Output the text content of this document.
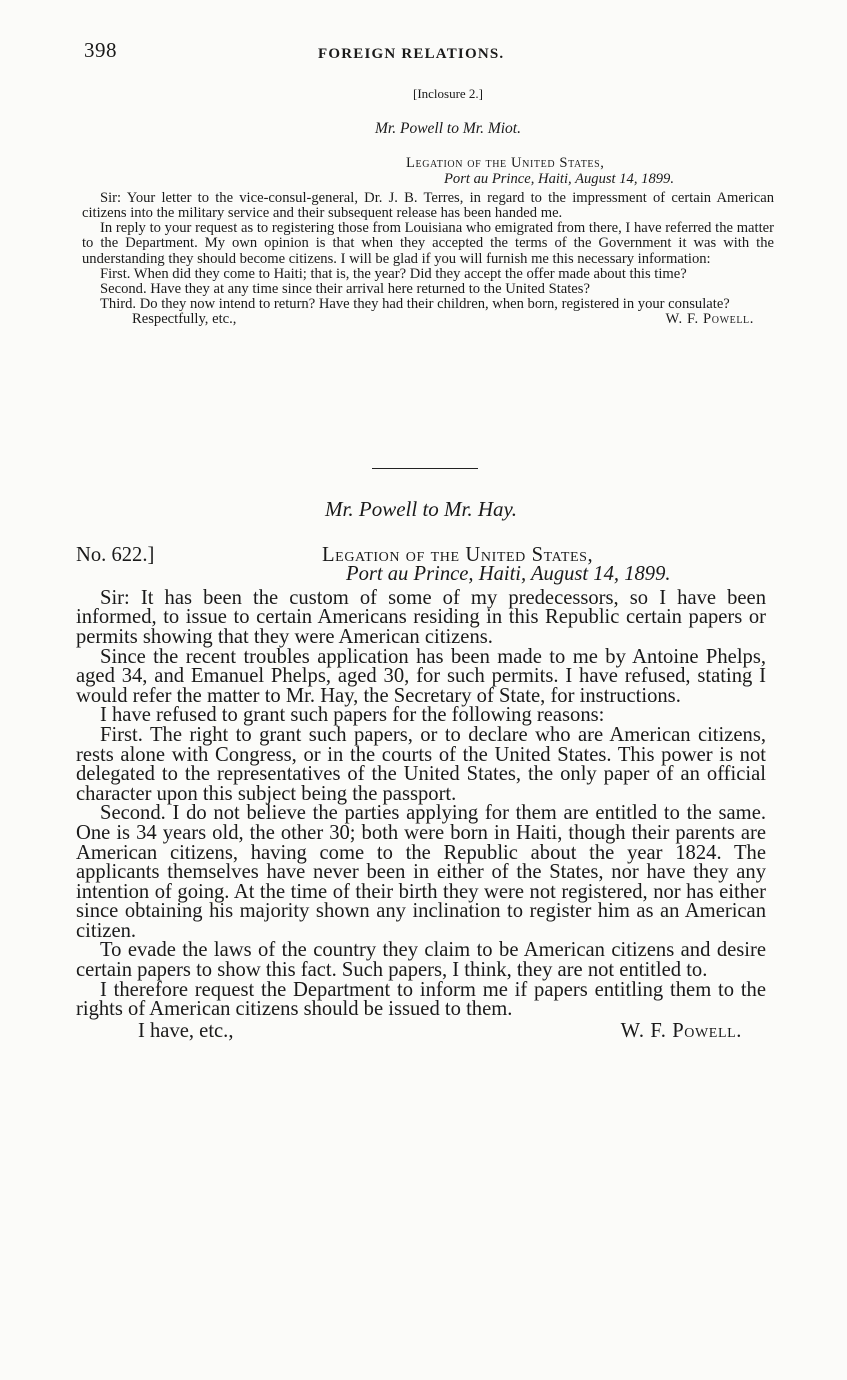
398	FOREIGN RELATIONS.
[Inclosure 2.]
Mr. Powell to Mr. Miot.
Legation of the United States,
Port au Prince, Haiti, August 14, 1899.

Sir: Your letter to the vice-consul-general, Dr. J. B. Terres, in regard to the impressment of certain American citizens into the military service and their subsequent release has been handed me.

In reply to your request as to registering those from Louisiana who emigrated from there, I have referred the matter to the Department. My own opinion is that when they accepted the terms of the Government it was with the understanding they should become citizens. I will be glad if you will furnish me this necessary information:

First. When did they come to Haiti; that is, the year? Did they accept the offer made about this time?

Second. Have they at any time since their arrival here returned to the United States?

Third. Do they now intend to return? Have they had their children, when born, registered in your consulate?

Respectfully, etc.,	W. F. Powell.
Mr. Powell to Mr. Hay.
No. 622.]	Legation of the United States,
Port au Prince, Haiti, August 14, 1899.

Sir: It has been the custom of some of my predecessors, so I have been informed, to issue to certain Americans residing in this Republic certain papers or permits showing that they were American citizens.

Since the recent troubles application has been made to me by Antoine Phelps, aged 34, and Emanuel Phelps, aged 30, for such permits. I have refused, stating I would refer the matter to Mr. Hay, the Secretary of State, for instructions.

I have refused to grant such papers for the following reasons:

First. The right to grant such papers, or to declare who are American citizens, rests alone with Congress, or in the courts of the United States. This power is not delegated to the representatives of the United States, the only paper of an official character upon this subject being the passport.

Second. I do not believe the parties applying for them are entitled to the same. One is 34 years old, the other 30; both were born in Haiti, though their parents are American citizens, having come to the Republic about the year 1824. The applicants themselves have never been in either of the States, nor have they any intention of going. At the time of their birth they were not registered, nor has either since obtaining his majority shown any inclination to register him as an American citizen.

To evade the laws of the country they claim to be American citizens and desire certain papers to show this fact. Such papers, I think, they are not entitled to.

I therefore request the Department to inform me if papers entitling them to the rights of American citizens should be issued to them.

I have, etc.,	W. F. Powell.
